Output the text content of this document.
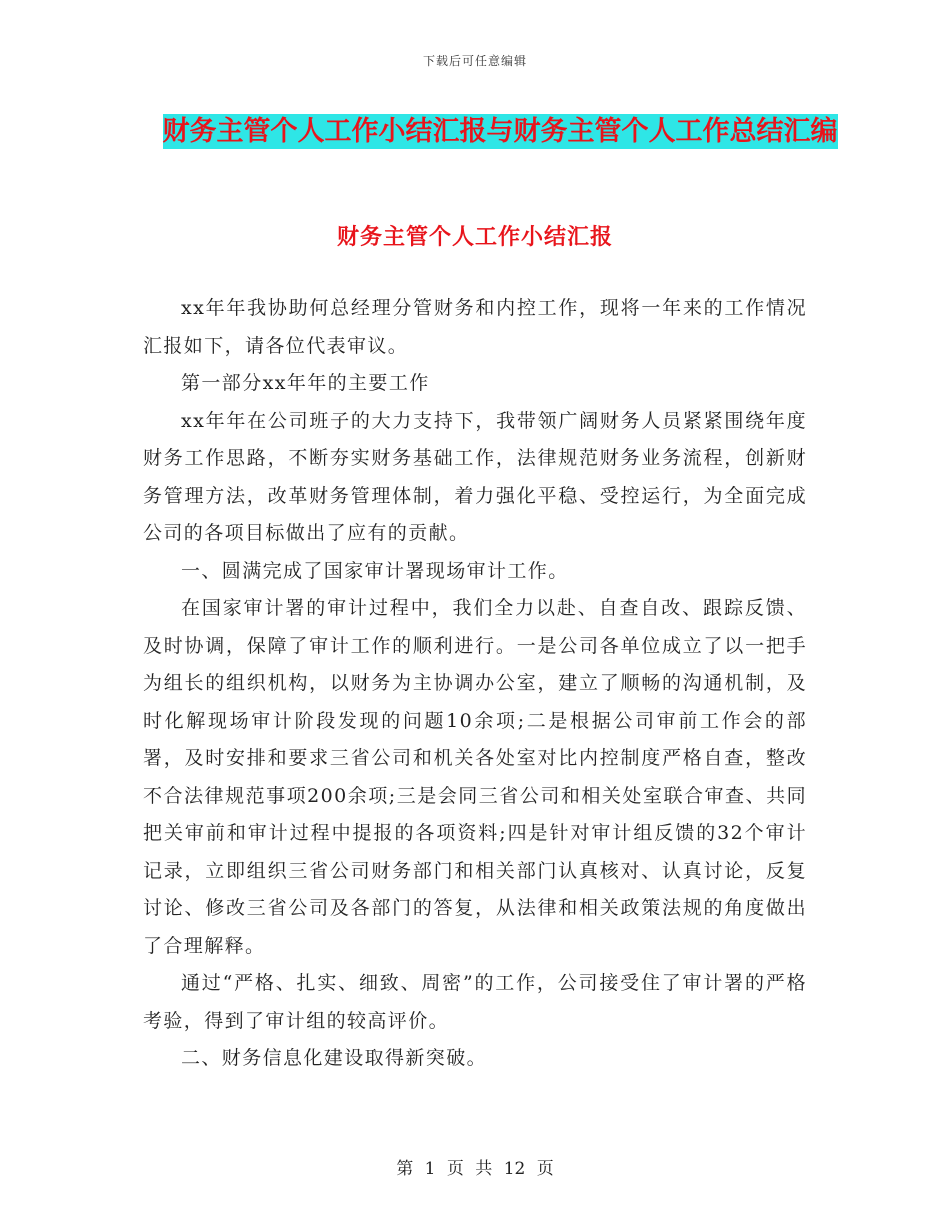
下载后可任意编辑
财务主管个人工作小结汇报与财务主管个人工作总结汇编
财务主管个人工作小结汇报

xx年年我协助何总经理分管财务和内控工作，现将一年来的工作情况汇报如下，请各位代表审议。

第一部分xx年年的主要工作

xx年年在公司班子的大力支持下，我带领广阔财务人员紧紧围绕年度财务工作思路，不断夯实财务基础工作，法律规范财务业务流程，创新财务管理方法，改革财务管理体制，着力强化平稳、受控运行，为全面完成公司的各项目标做出了应有的贡献。

一、圆满完成了国家审计署现场审计工作。

在国家审计署的审计过程中，我们全力以赴、自查自改、跟踪反馈、及时协调，保障了审计工作的顺利进行。一是公司各单位成立了以一把手为组长的组织机构，以财务为主协调办公室，建立了顺畅的沟通机制，及时化解现场审计阶段发现的问题10余项;二是根据公司审前工作会的部署，及时安排和要求三省公司和机关各处室对比内控制度严格自查，整改不合法律规范事项200余项;三是会同三省公司和相关处室联合审查、共同把关审前和审计过程中提报的各项资料;四是针对审计组反馈的32个审计记录，立即组织三省公司财务部门和相关部门认真核对、认真讨论，反复讨论、修改三省公司及各部门的答复，从法律和相关政策法规的角度做出了合理解释。

通过“严格、扎实、细致、周密”的工作，公司接受住了审计署的严格考验，得到了审计组的较高评价。

二、财务信息化建设取得新突破。

第 1 页 共 12 页
